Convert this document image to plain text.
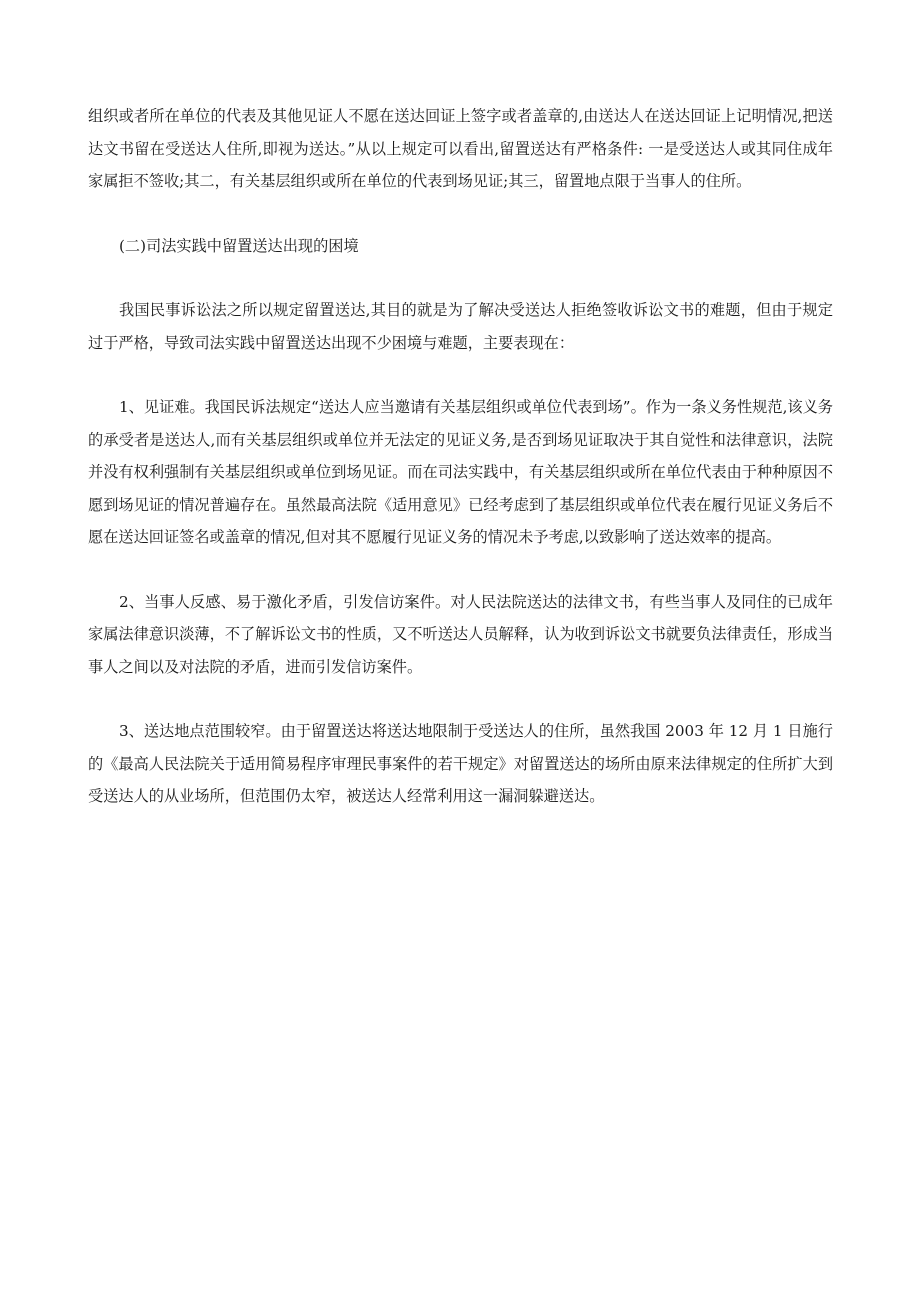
组织或者所在单位的代表及其他见证人不愿在送达回证上签字或者盖章的,由送达人在送达回证上记明情况,把送达文书留在受送达人住所,即视为送达。”从以上规定可以看出,留置送达有严格条件: 一是受送达人或其同住成年家属拒不签收;其二，有关基层组织或所在单位的代表到场见证;其三，留置地点限于当事人的住所。

(二)司法实践中留置送达出现的困境

我国民事诉讼法之所以规定留置送达,其目的就是为了解决受送达人拒绝签收诉讼文书的难题，但由于规定过于严格，导致司法实践中留置送达出现不少困境与难题，主要表现在：

1、见证难。我国民诉法规定“送达人应当邀请有关基层组织或单位代表到场”。作为一条义务性规范,该义务的承受者是送达人,而有关基层组织或单位并无法定的见证义务,是否到场见证取决于其自觉性和法律意识，法院并没有权利强制有关基层组织或单位到场见证。而在司法实践中，有关基层组织或所在单位代表由于种种原因不愿到场见证的情况普遍存在。虽然最高法院《适用意见》已经考虑到了基层组织或单位代表在履行见证义务后不愿在送达回证签名或盖章的情况,但对其不愿履行见证义务的情况未予考虑,以致影响了送达效率的提高。

2、当事人反感、易于激化矛盾，引发信访案件。对人民法院送达的法律文书，有些当事人及同住的已成年家属法律意识淡薄，不了解诉讼文书的性质，又不听送达人员解释，认为收到诉讼文书就要负法律责任，形成当事人之间以及对法院的矛盾，进而引发信访案件。

3、送达地点范围较窄。由于留置送达将送达地限制于受送达人的住所，虽然我国 2003 年 12 月 1 日施行的《最高人民法院关于适用简易程序审理民事案件的若干规定》对留置送达的场所由原来法律规定的住所扩大到受送达人的从业场所，但范围仍太窄，被送达人经常利用这一漏洞躲避送达。
